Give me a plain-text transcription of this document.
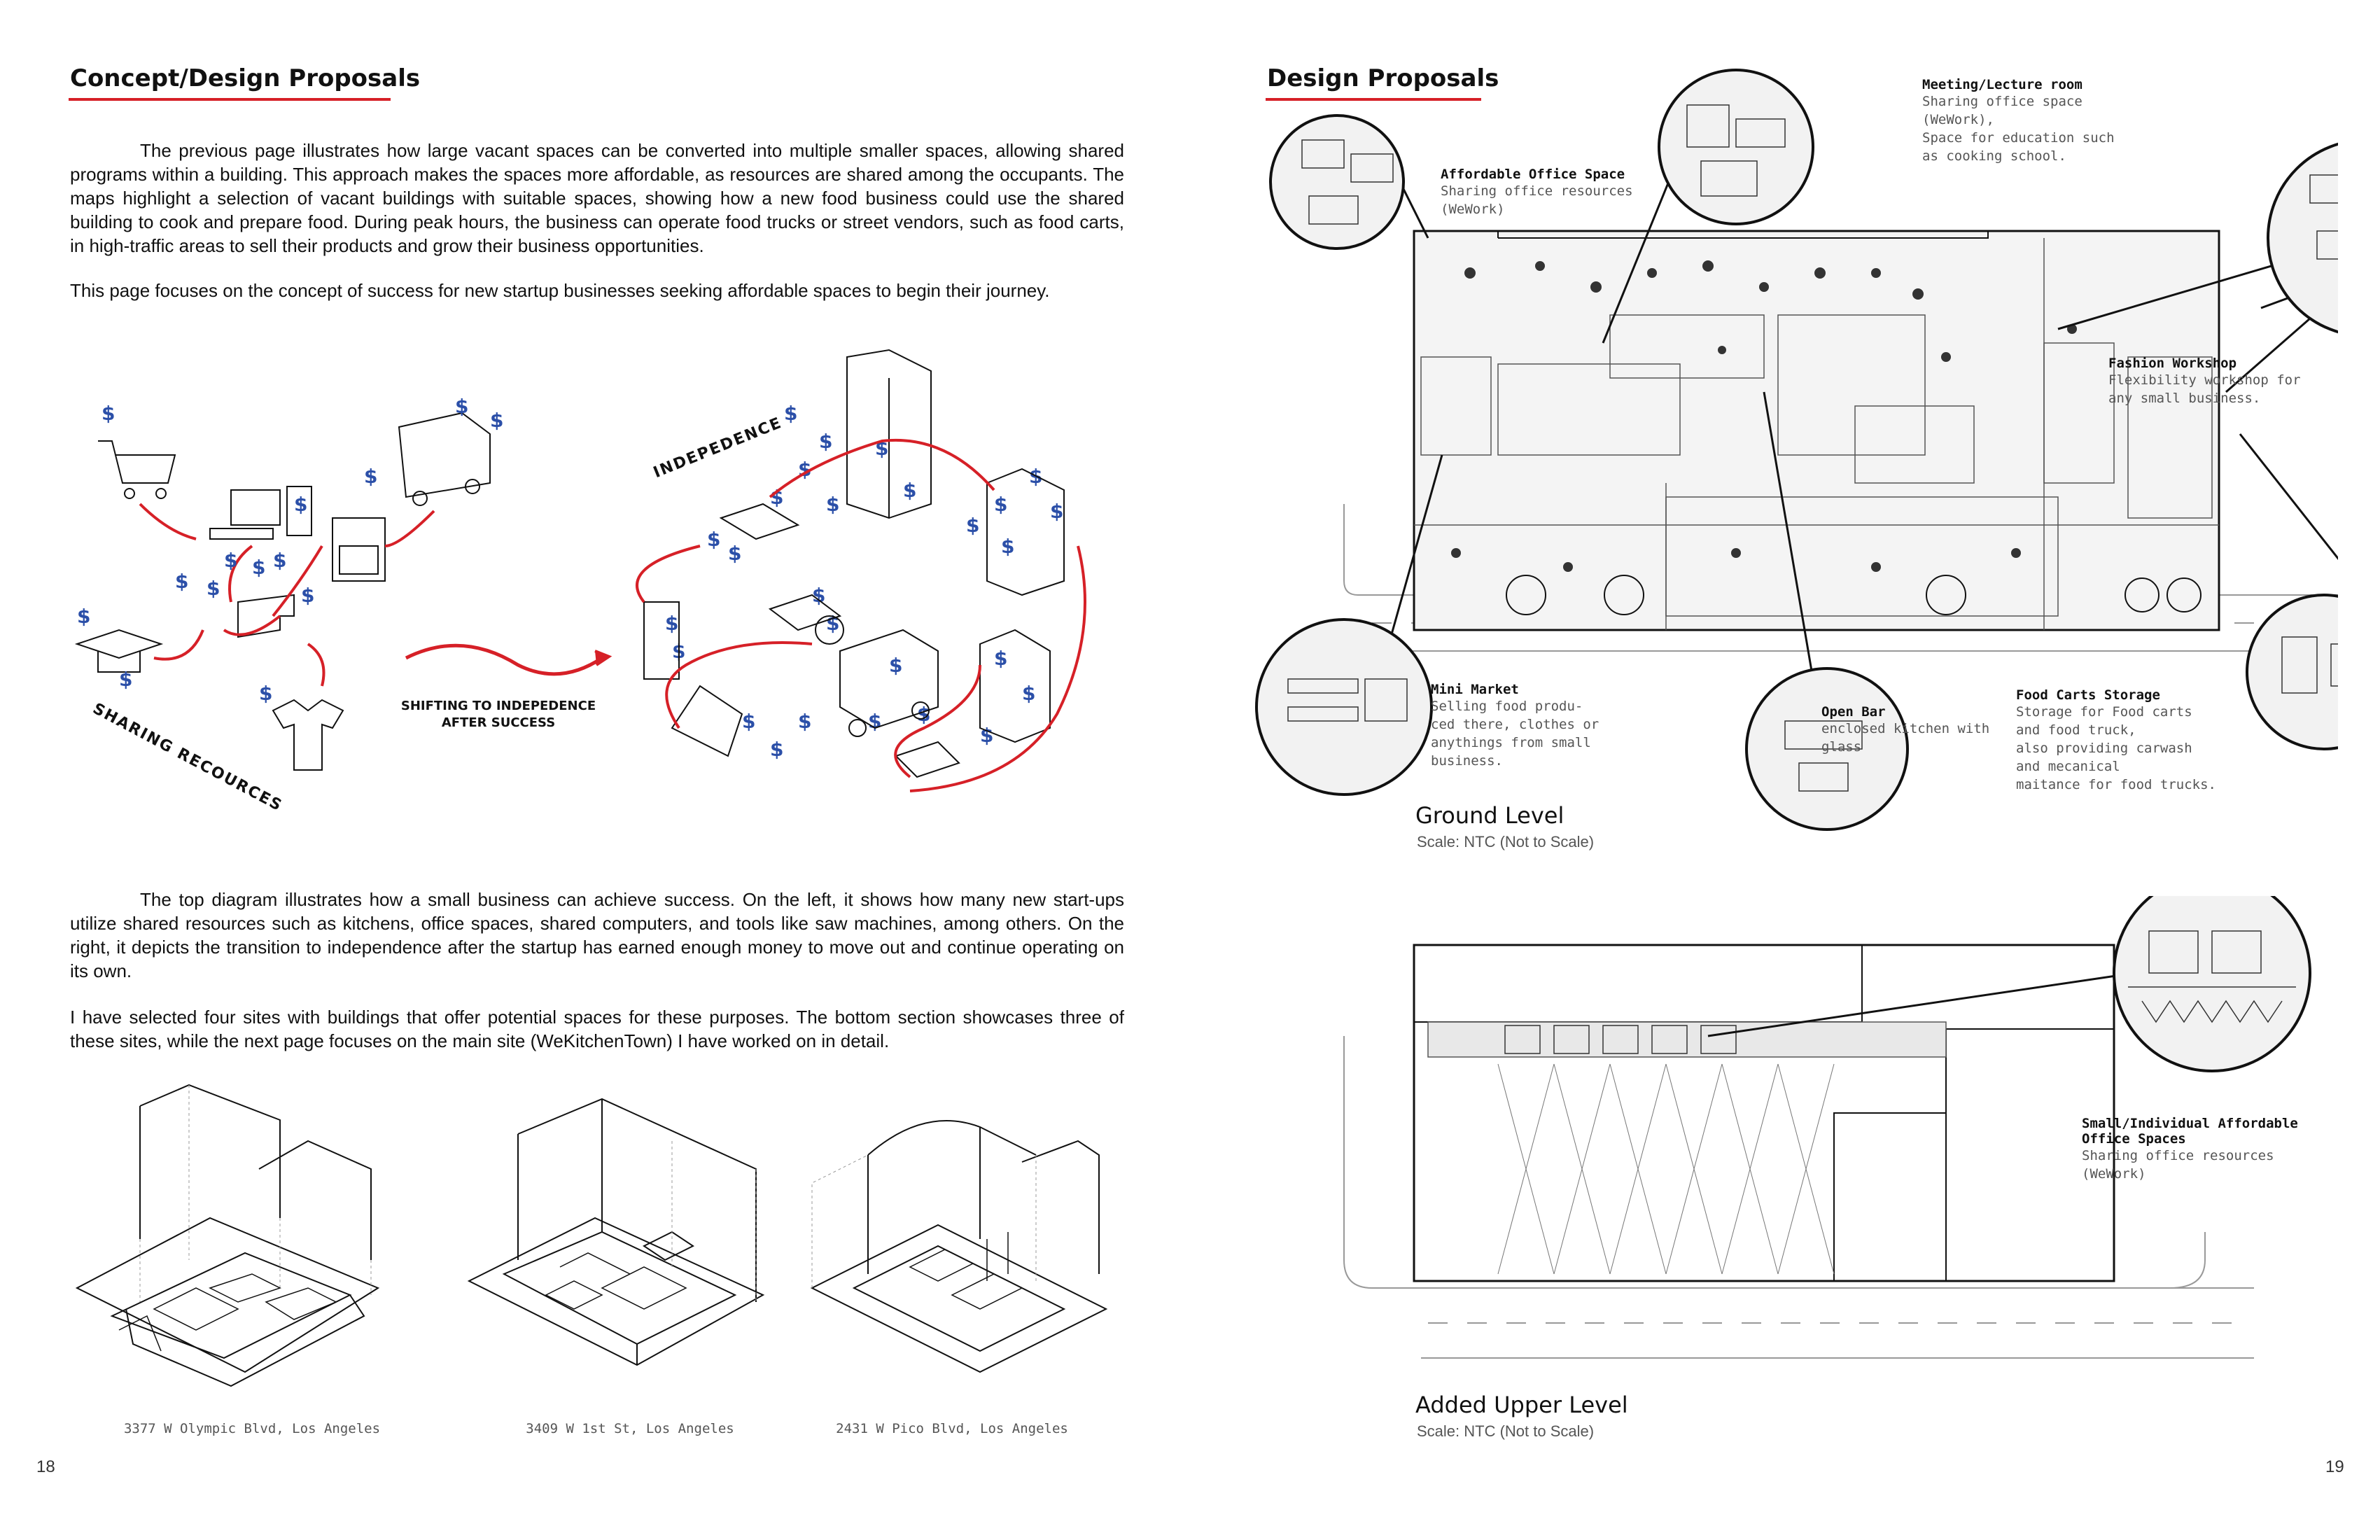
Concept/Design Proposals
The previous page illustrates how large vacant spaces can be converted into multiple smaller spaces, allowing shared programs within a building. This approach makes the spaces more affordable, as resources are shared among the occupants. The maps highlight a selection of vacant buildings with suitable spaces, showing how a new food business could use the shared building to cook and prepare food. During peak hours, the business can operate food trucks or street vendors, such as food carts, in high-traffic areas to sell their products and grow their business opportunities.
This page focuses on the concept of success for new startup businesses seeking affordable spaces to begin their journey.
$
$
$ $
$
$
$	$
$
$
$
$
$
$
$
$
$
$ $
$
$
$
$
$
$
$
$
$
$
$
$
$
$
$ $
$
$
$
$
$
$
SHARING RECOURCES	SHIFTING TO INDEPEDENCE
AFTER SUCCESS
INDEPEDENCE
The top diagram illustrates how a small business can achieve success. On the left, it shows how many new start-ups utilize shared resources such as kitchens, office spaces, shared computers, and tools like saw machines, among others. On the right, it depicts the transition to independence after the startup has earned enough money to move out and continue operating on its own.
I have selected four sites with buildings that offer potential spaces for these purposes. The bottom section showcases three of these sites, while the next page focuses on the main site (WeKitchenTown) I have worked on in detail.
3377 W Olympic Blvd, Los Angeles	3409 W 1st St, Los Angeles	2431 W Pico Blvd, Los Angeles
18
Design Proposals
Affordable Office Space
Sharing office resources
(WeWork)
Meeting/Lecture room
Sharing office space
(WeWork),
Space for education such
as cooking school.
Fashion Workshop
Flexibility workshop for
any small business.
Mini Market
Selling food produ-
ced there, clothes or
anythings from small
business.
Open Bar
enclosed kitchen with
glass
Food Carts Storage
Storage for Food carts
and food truck,
also providing carwash
and mecanical
maitance for food trucks.
Ground Level
Scale: NTC (Not to Scale)
Small/Individual Affordable
Office Spaces
Sharing office resources (WeWork)
Added Upper Level
Scale: NTC (Not to Scale)
19
